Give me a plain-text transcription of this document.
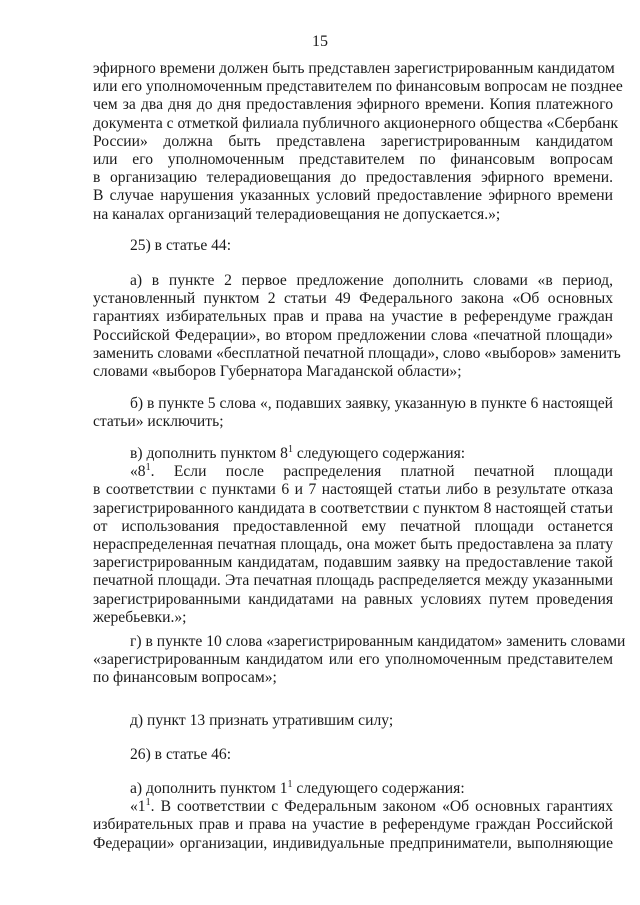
15
эфирного времени должен быть представлен зарегистрированным кандидатом
или его уполномоченным представителем по финансовым вопросам не позднее
чем за два дня до дня предоставления эфирного времени. Копия платежного
документа с отметкой филиала публичного акционерного общества «Сбербанк
России» должна быть представлена зарегистрированным кандидатом
или его уполномоченным представителем по финансовым вопросам
в организацию телерадиовещания до предоставления эфирного времени.
В случае нарушения указанных условий предоставление эфирного времени
на каналах организаций телерадиовещания не допускается.»;
25) в статье 44:
а) в пункте 2 первое предложение дополнить словами «в период,
установленный пунктом 2 статьи 49 Федерального закона «Об основных
гарантиях избирательных прав и права на участие в референдуме граждан
Российской Федерации», во втором предложении слова «печатной площади»
заменить словами «бесплатной печатной площади», слово «выборов» заменить
словами «выборов Губернатора Магаданской области»;
б) в пункте 5 слова «, подавших заявку, указанную в пункте 6 настоящей
статьи» исключить;
в) дополнить пунктом $8^1$ следующего содержания:
«$8^1$. Если после распределения платной печатной площади
в соответствии с пунктами 6 и 7 настоящей статьи либо в результате отказа
зарегистрированного кандидата в соответствии с пунктом 8 настоящей статьи
от использования предоставленной ему печатной площади останется
нераспределенная печатная площадь, она может быть предоставлена за плату
зарегистрированным кандидатам, подавшим заявку на предоставление такой
печатной площади. Эта печатная площадь распределяется между указанными
зарегистрированными кандидатами на равных условиях путем проведения
жеребьевки.»;
г) в пункте 10 слова «зарегистрированным кандидатом» заменить словами
«зарегистрированным кандидатом или его уполномоченным представителем
по финансовым вопросам»;
д) пункт 13 признать утратившим силу;
26) в статье 46:
а) дополнить пунктом $1^1$ следующего содержания:
«$1^1$. В соответствии с Федеральным законом «Об основных гарантиях
избирательных прав и права на участие в референдуме граждан Российской
Федерации» организации, индивидуальные предприниматели, выполняющие
